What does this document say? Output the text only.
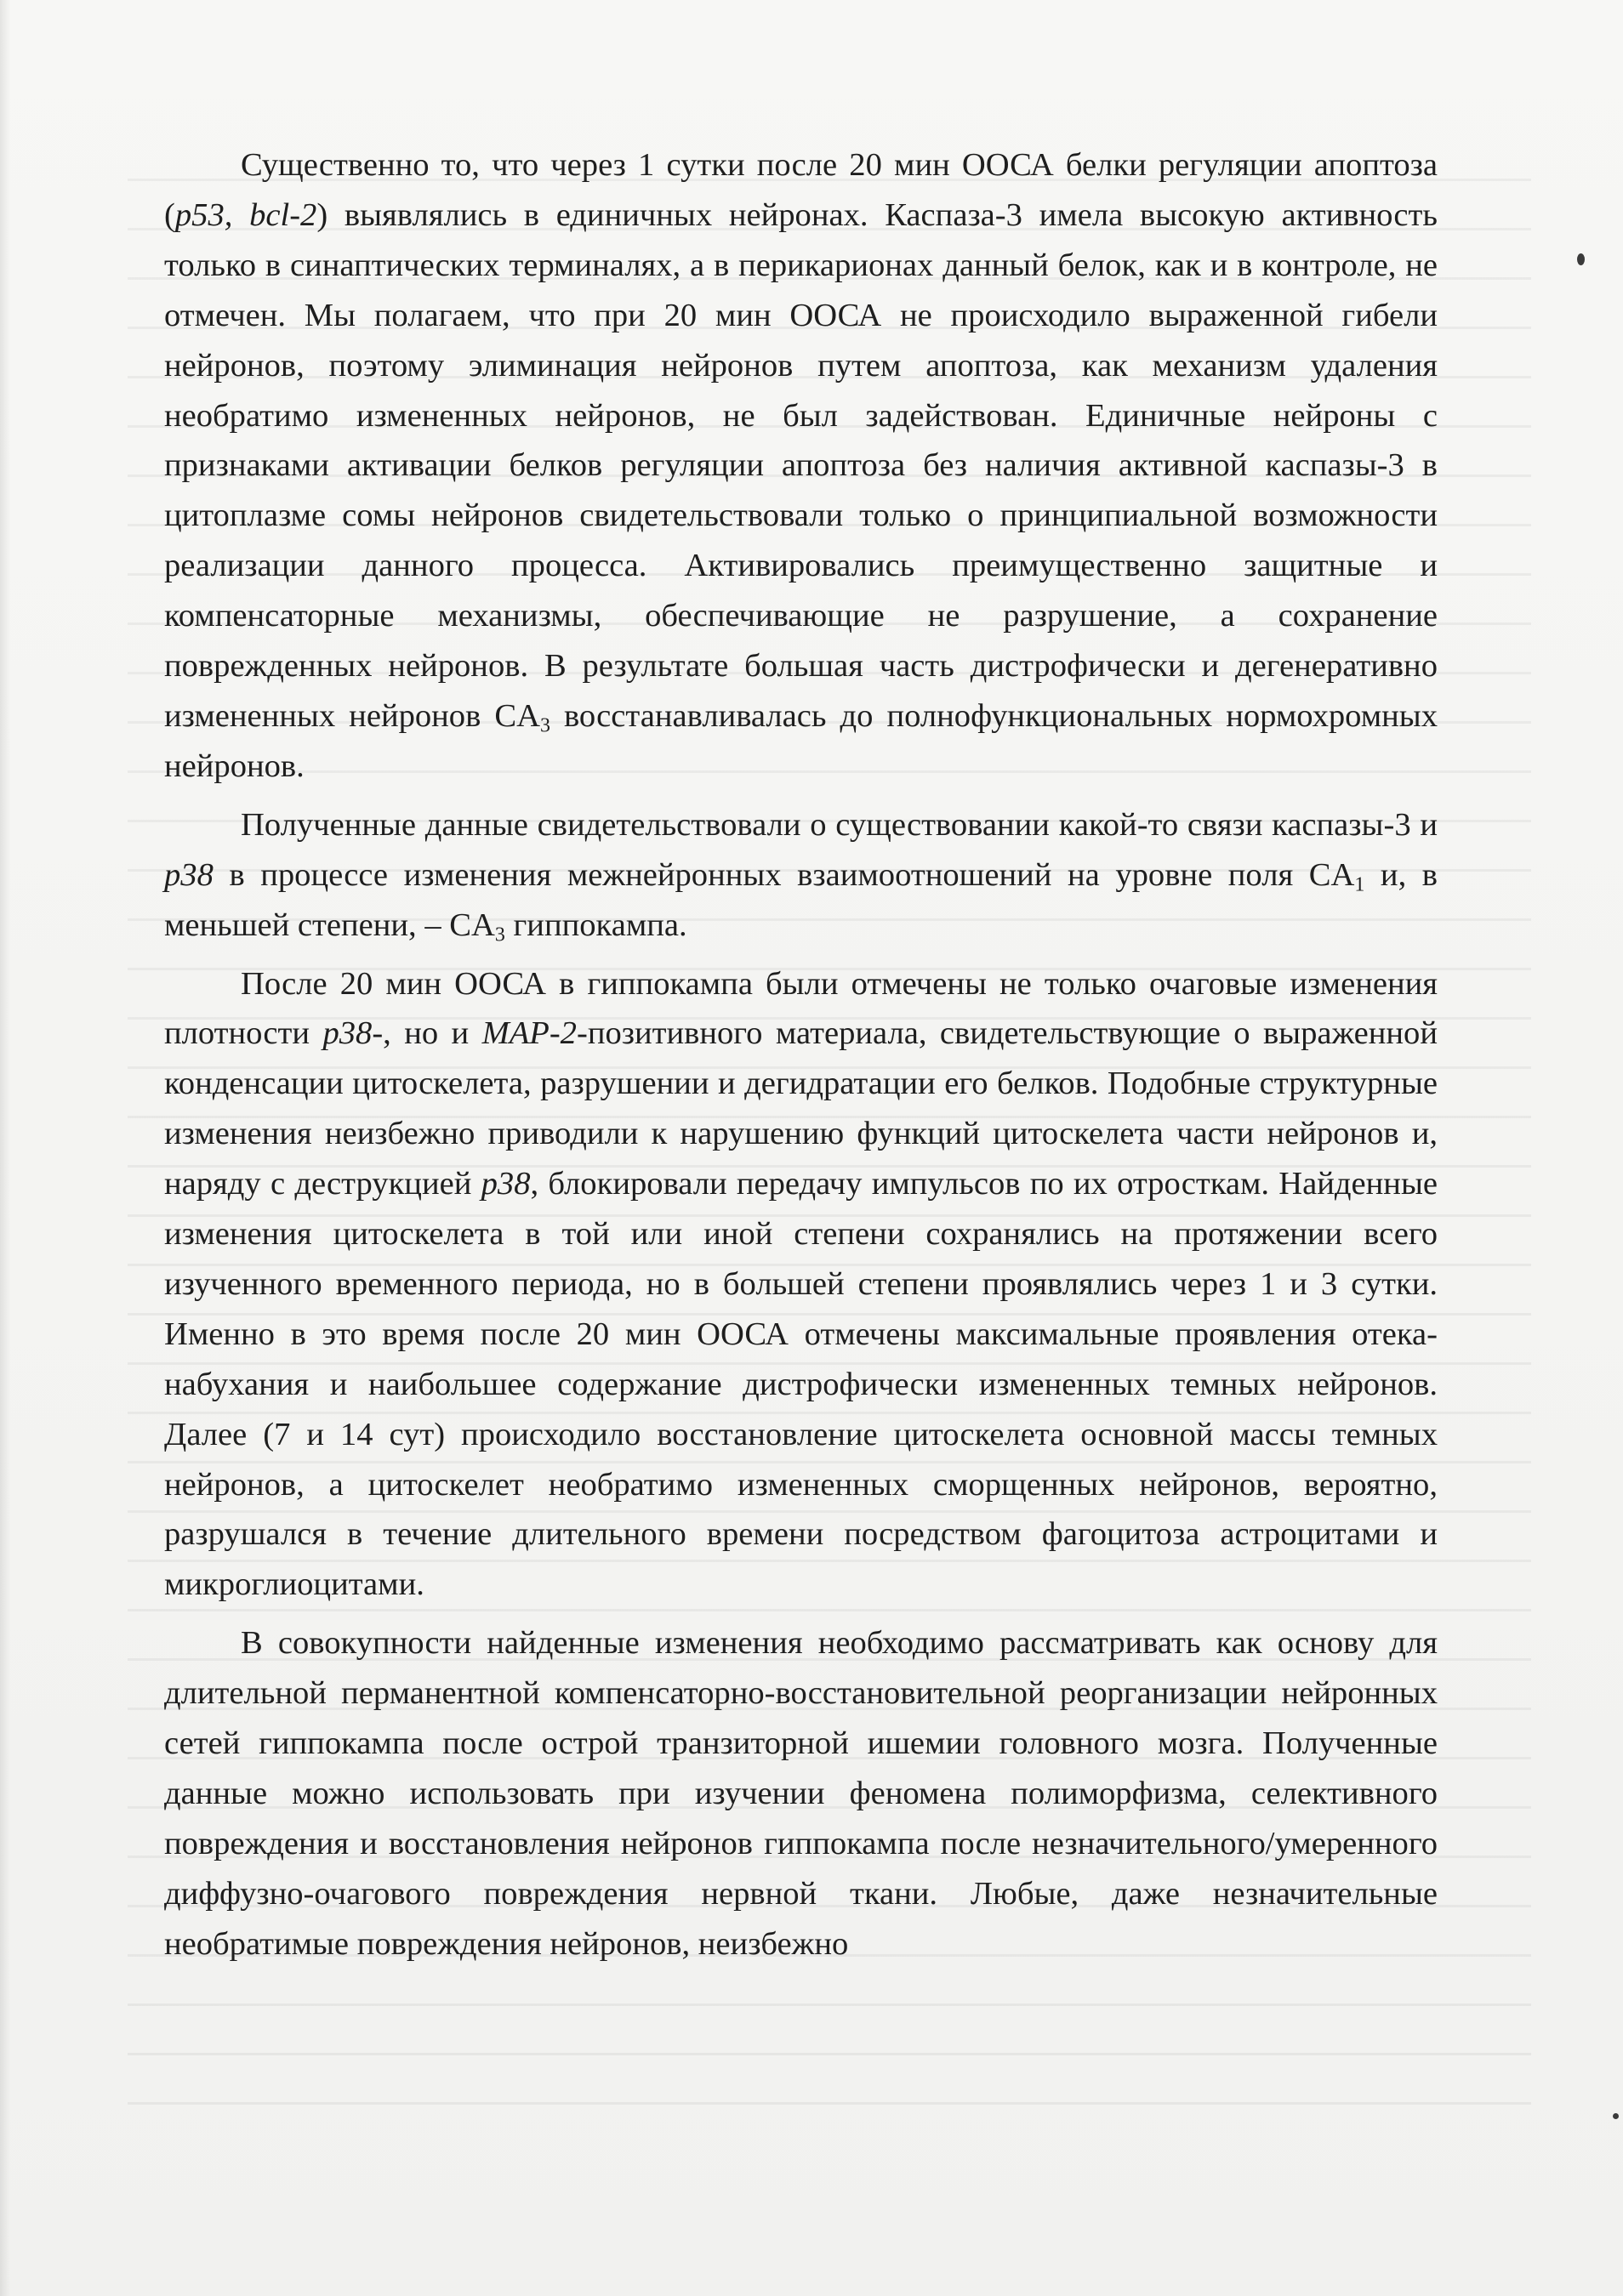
Существенно то, что через 1 сутки после 20 мин ООСА белки регуляции апоптоза (p53, bcl-2) выявлялись в единичных нейронах. Каспаза-3 имела высокую активность только в синаптических терминалях, а в перикарионах данный белок, как и в контроле, не отмечен. Мы полагаем, что при 20 мин ООСА не происходило выраженной гибели нейронов, поэтому элиминация нейронов путем апоптоза, как механизм удаления необратимо измененных нейронов, не был задействован. Единичные нейроны с признаками активации белков регуляции апоптоза без наличия активной каспазы-3 в цитоплазме сомы нейронов свидетельствовали только о принципиальной возможности реализации данного процесса. Активировались преимущественно защитные и компенсаторные механизмы, обеспечивающие не разрушение, а сохранение поврежденных нейронов. В результате большая часть дистрофически и дегенеративно измененных нейронов $CA_3$ восстанавливалась до полнофункциональных нормохромных нейронов.

Полученные данные свидетельствовали о существовании какой-то связи каспазы-3 и p38 в процессе изменения межнейронных взаимоотношений на уровне поля $CA_1$ и, в меньшей степени, – $CA_3$ гиппокампа.

После 20 мин ООСА в гиппокампа были отмечены не только очаговые изменения плотности p38-, но и MAP-2-позитивного материала, свидетельствующие о выраженной конденсации цитоскелета, разрушении и дегидратации его белков. Подобные структурные изменения неизбежно приводили к нарушению функций цитоскелета части нейронов и, наряду с деструкцией p38, блокировали передачу импульсов по их отросткам. Найденные изменения цитоскелета в той или иной степени сохранялись на протяжении всего изученного временного периода, но в большей степени проявлялись через 1 и 3 сутки. Именно в это время после 20 мин ООСА отмечены максимальные проявления отека-набухания и наибольшее содержание дистрофически измененных темных нейронов. Далее (7 и 14 сут) происходило восстановление цитоскелета основной массы темных нейронов, а цитоскелет необратимо измененных сморщенных нейронов, вероятно, разрушался в течение длительного времени посредством фагоцитоза астроцитами и микроглиоцитами.

В совокупности найденные изменения необходимо рассматривать как основу для длительной перманентной компенсаторно-восстановительной реорганизации нейронных сетей гиппокампа после острой транзиторной ишемии головного мозга. Полученные данные можно использовать при изучении феномена полиморфизма, селективного повреждения и восстановления нейронов гиппокампа после незначительного/умеренного диффузно-очагового повреждения нервной ткани. Любые, даже незначительные необратимые повреждения нейронов, неизбежно
